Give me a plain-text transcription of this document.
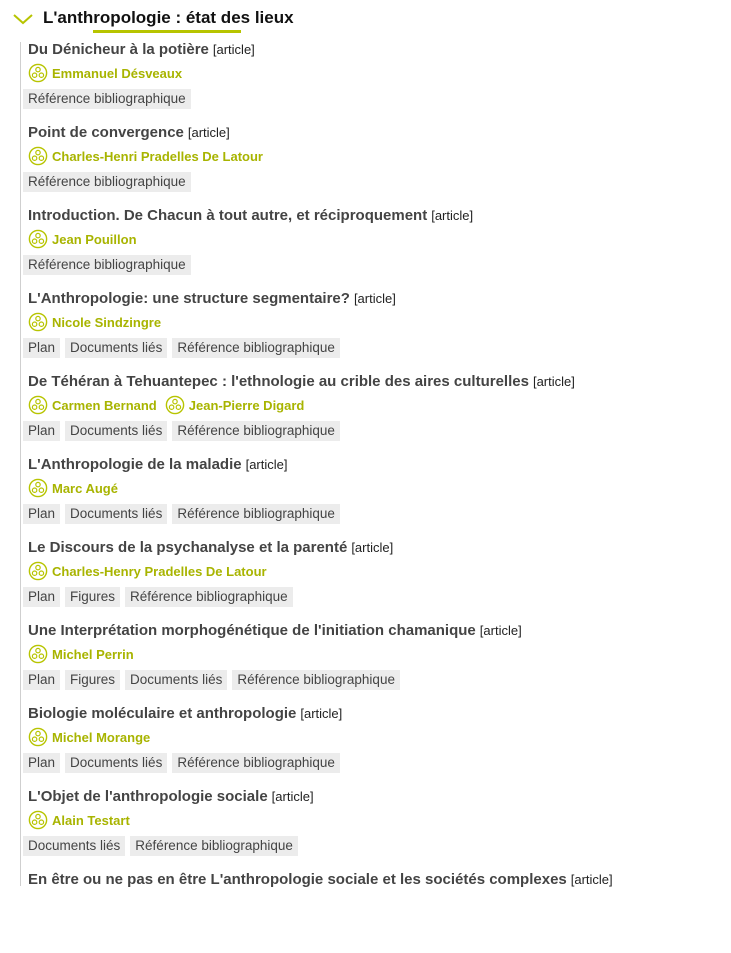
L'anthropologie : état des lieux
Du Dénicheur à la potière [article]
Emmanuel Désveaux
Référence bibliographique
Point de convergence [article]
Charles-Henri Pradelles De Latour
Référence bibliographique
Introduction. De Chacun à tout autre, et réciproquement [article]
Jean Pouillon
Référence bibliographique
L'Anthropologie: une structure segmentaire? [article]
Nicole Sindzingre
Plan	Documents liés	Référence bibliographique
De Téhéran à Tehuantepec : l'ethnologie au crible des aires culturelles [article]
Carmen Bernand Jean-Pierre Digard
Plan	Documents liés	Référence bibliographique
L'Anthropologie de la maladie [article]
Marc Augé
Plan	Documents liés	Référence bibliographique
Le Discours de la psychanalyse et la parenté [article]
Charles-Henry Pradelles De Latour
Plan	Figures	Référence bibliographique
Une Interprétation morphogénétique de l'initiation chamanique [article]
Michel Perrin
Plan	Figures	Documents liés	Référence bibliographique
Biologie moléculaire et anthropologie [article]
Michel Morange
Plan	Documents liés	Référence bibliographique
L'Objet de l'anthropologie sociale [article]
Alain Testart
Documents liés	Référence bibliographique
En être ou ne pas en être L'anthropologie sociale et les sociétés complexes [article]
